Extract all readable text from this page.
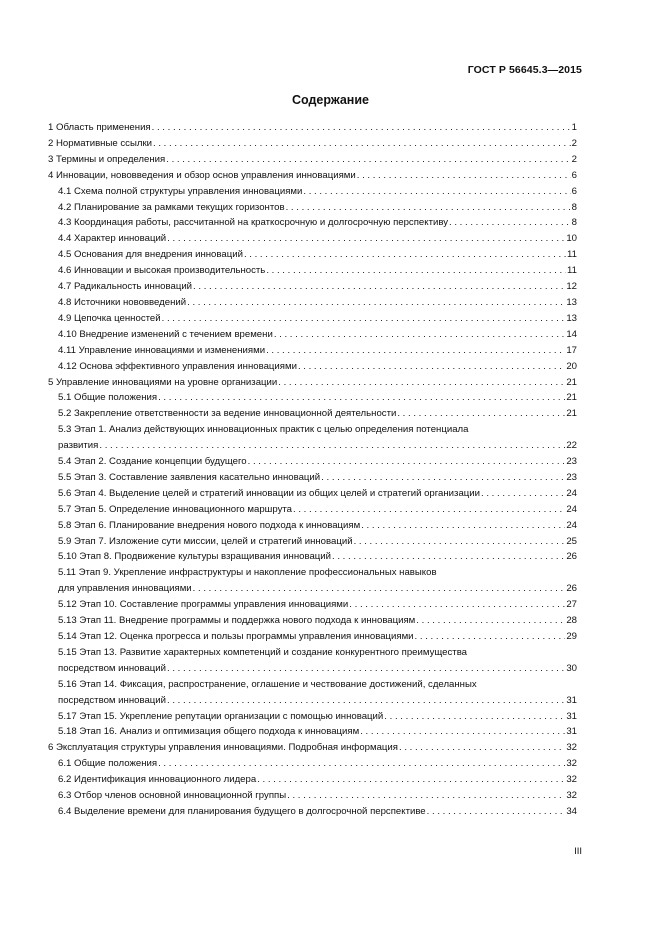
ГОСТ Р 56645.3—2015
Содержание
1 Область применения . . .	1
2 Нормативные ссылки . . .	2
3 Термины и определения . . .	2
4 Инновации, нововведения и обзор основ управления инновациями . . .	6
4.1 Схема полной структуры управления инновациями . . .	6
4.2 Планирование за рамками текущих горизонтов . . .	8
4.3 Координация работы, рассчитанной на краткосрочную и долгосрочную перспективу . . .	8
4.4 Характер инноваций . . .	10
4.5 Основания для внедрения инноваций . . .	11
4.6 Инновации и высокая производительность . . .	11
4.7 Радикальность инноваций . . .	12
4.8 Источники нововведений . . .	13
4.9 Цепочка ценностей . . .	13
4.10 Внедрение изменений с течением времени . . .	14
4.11 Управление инновациями и изменениями . . .	17
4.12 Основа эффективного управления инновациями . . .	20
5 Управление инновациями на уровне организации . . .	21
5.1 Общие положения . . .	21
5.2 Закрепление ответственности за ведение инновационной деятельности . . .	21
5.3 Этап 1. Анализ действующих инновационных практик с целью определения потенциала
развития . . .	22
5.4 Этап 2. Создание концепции будущего . . .	23
5.5 Этап 3. Составление заявления касательно инноваций . . .	23
5.6 Этап 4. Выделение целей и стратегий инновации из общих целей и стратегий организации . . .	24
5.7 Этап 5. Определение инновационного маршрута . . .	24
5.8 Этап 6. Планирование внедрения нового подхода к инновациям . . .	24
5.9 Этап 7. Изложение сути миссии, целей и стратегий инноваций . . .	25
5.10 Этап 8. Продвижение культуры взращивания инноваций . . .	26
5.11 Этап 9. Укрепление инфраструктуры и накопление профессиональных навыков
для управления инновациями . . .	26
5.12 Этап 10. Составление программы управления инновациями . . .	27
5.13 Этап 11. Внедрение программы и поддержка нового подхода к инновациям . . .	28
5.14 Этап 12. Оценка прогресса и пользы программы управления инновациями . . .	29
5.15 Этап 13. Развитие характерных компетенций и создание конкурентного преимущества
посредством инноваций . . .	30
5.16 Этап 14. Фиксация, распространение, оглашение и чествование достижений, сделанных
посредством инноваций . . .	31
5.17 Этап 15. Укрепление репутации организации с помощью инноваций . . .	31
5.18 Этап 16. Анализ и оптимизация общего подхода к инновациям . . .	31
6 Эксплуатация структуры управления инновациями. Подробная информация . . .	32
6.1 Общие положения . . .	32
6.2 Идентификация инновационного лидера . . .	32
6.3 Отбор членов основной инновационной группы . . .	32
6.4 Выделение времени для планирования будущего в долгосрочной перспективе . . .	34
III
